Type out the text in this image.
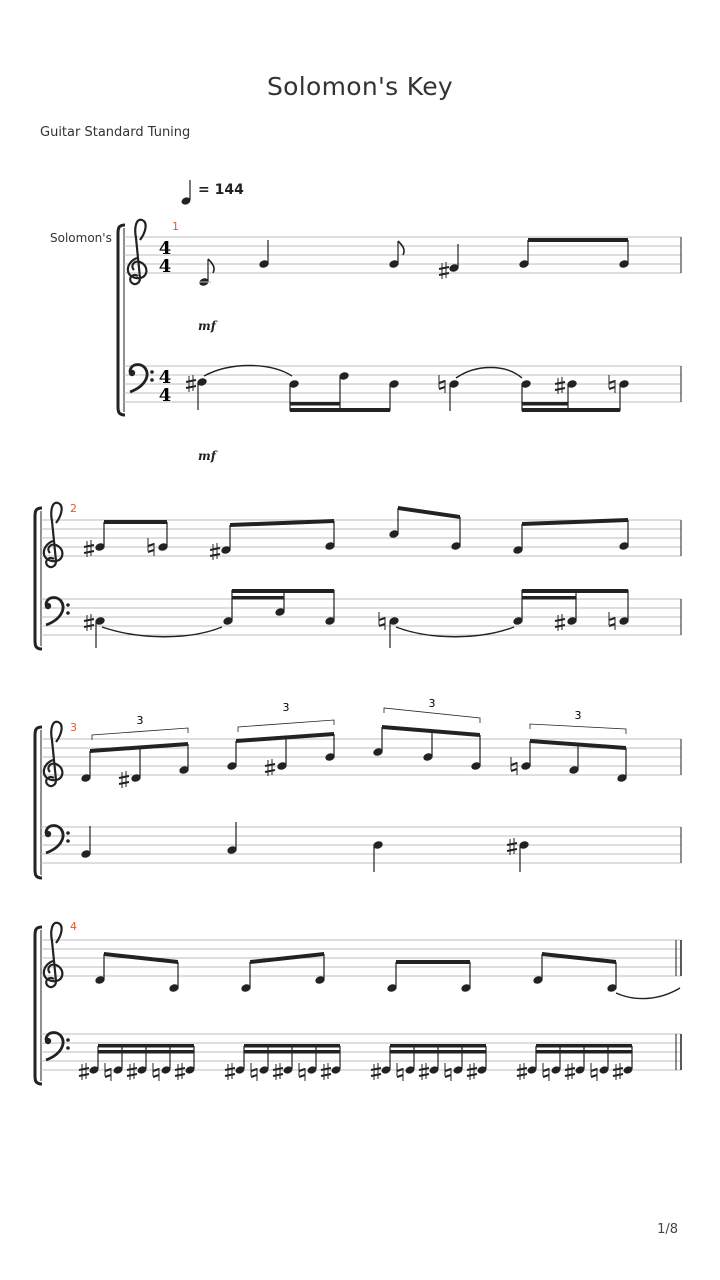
Solomon's Key
Guitar Standard Tuning
1/8
= 144
Solomon's
1
4
4
4
4
mf
mf
2
3
3
3	3
3
4
